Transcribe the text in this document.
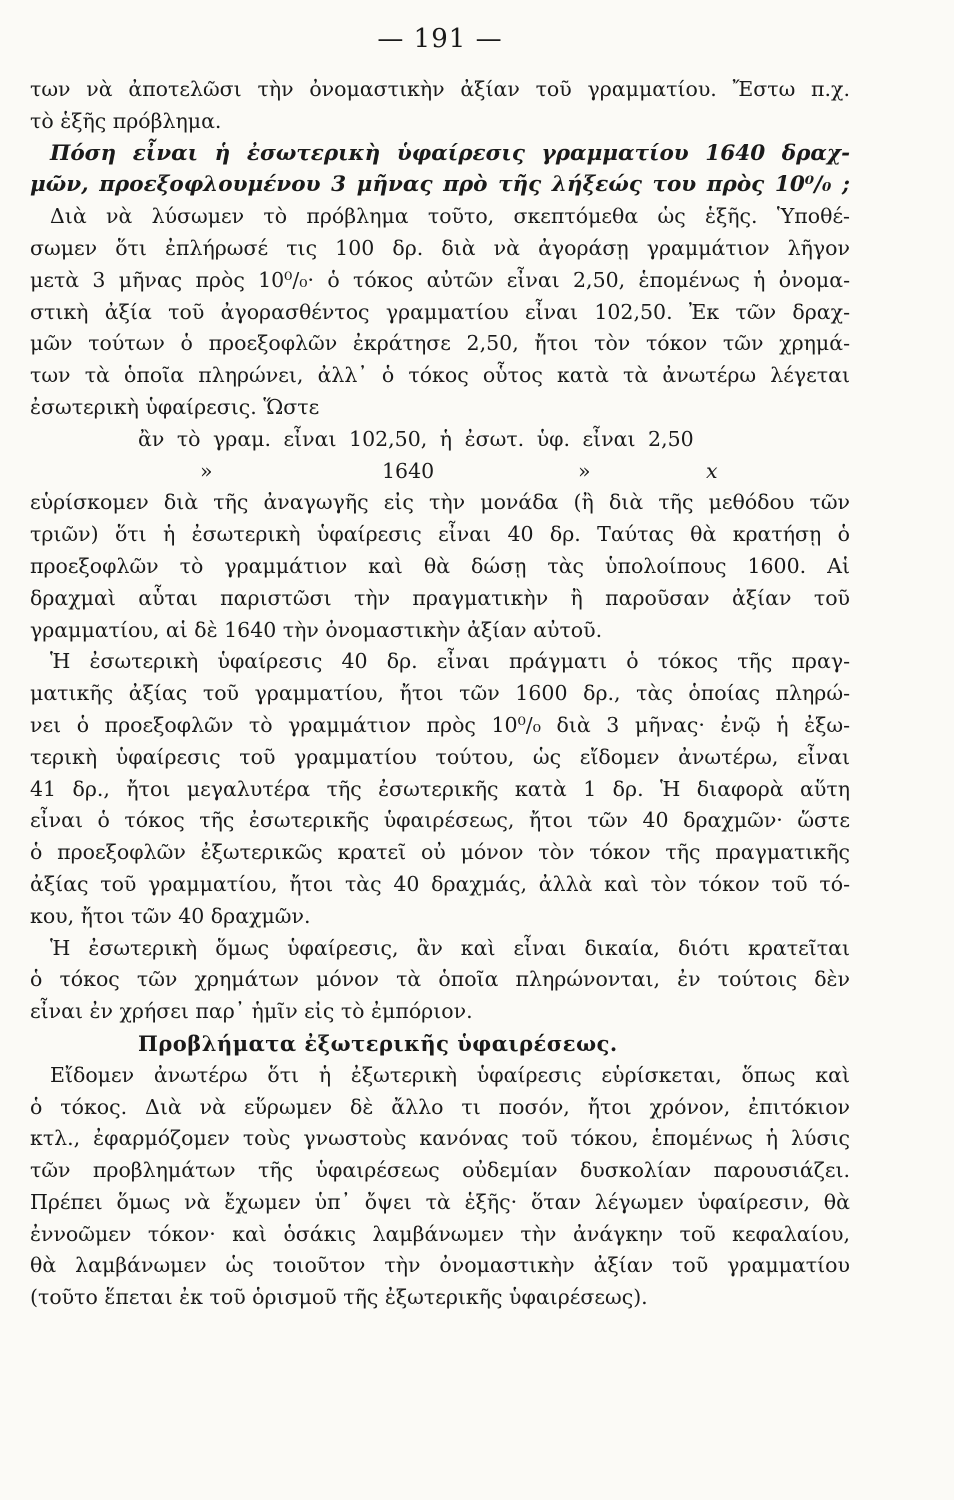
— 191 —
των νὰ ἀποτελῶσι τὴν ὀνομαστικὴν ἀξίαν τοῦ γραμματίου. Ἔστω π.χ.
τὸ ἑξῆς πρόβλημα.
Πόση εἶναι ἡ ἐσωτερικὴ ὑφαίρεσις γραμματίου 1640 δραχ-
μῶν, προεξοφλουμένου 3 μῆνας πρὸ τῆς λήξεώς του πρὸς 10⁰/₀ ;
Διὰ νὰ λύσωμεν τὸ πρόβλημα τοῦτο, σκεπτόμεθα ὡς ἑξῆς. Ὑποθέ-
σωμεν ὅτι ἐπλήρωσέ τις 100 δρ. διὰ νὰ ἀγοράσῃ γραμμάτιον λῆγον
μετὰ 3 μῆνας πρὸς 10⁰/₀· ὁ τόκος αὐτῶν εἶναι 2,50, ἑπομένως ἡ ὀνομα-
στικὴ ἀξία τοῦ ἀγορασθέντος γραμματίου εἶναι 102,50. Ἐκ τῶν δραχ-
μῶν τούτων ὁ προεξοφλῶν ἐκράτησε 2,50, ἤτοι τὸν τόκον τῶν χρημά-
των τὰ ὁποῖα πληρώνει, ἀλλ᾽ ὁ τόκος οὗτος κατὰ τὰ ἀνωτέρω λέγεται
ἐσωτερικὴ ὑφαίρεσις. Ὥστε
ἂν τὸ γραμ. εἶναι 102,50, ἡ ἐσωτ. ὑφ. εἶναι 2,50
»	1640	»	x
εὑρίσκομεν διὰ τῆς ἀναγωγῆς εἰς τὴν μονάδα (ἢ διὰ τῆς μεθόδου τῶν
τριῶν) ὅτι ἡ ἐσωτερικὴ ὑφαίρεσις εἶναι 40 δρ. Ταύτας θὰ κρατήσῃ ὁ
προεξοφλῶν τὸ γραμμάτιον καὶ θὰ δώσῃ τὰς ὑπολοίπους 1600. Αἱ
δραχμαὶ αὗται παριστῶσι τὴν πραγματικὴν ἢ παροῦσαν ἀξίαν τοῦ
γραμματίου, αἱ δὲ 1640 τὴν ὀνομαστικὴν ἀξίαν αὐτοῦ.
Ἡ ἐσωτερικὴ ὑφαίρεσις 40 δρ. εἶναι πράγματι ὁ τόκος τῆς πραγ-
ματικῆς ἀξίας τοῦ γραμματίου, ἤτοι τῶν 1600 δρ., τὰς ὁποίας πληρώ-
νει ὁ προεξοφλῶν τὸ γραμμάτιον πρὸς 10⁰/₀ διὰ 3 μῆνας· ἐνῷ ἡ ἐξω-
τερικὴ ὑφαίρεσις τοῦ γραμματίου τούτου, ὡς εἴδομεν ἀνωτέρω, εἶναι
41 δρ., ἤτοι μεγαλυτέρα τῆς ἐσωτερικῆς κατὰ 1 δρ. Ἡ διαφορὰ αὕτη
εἶναι ὁ τόκος τῆς ἐσωτερικῆς ὑφαιρέσεως, ἤτοι τῶν 40 δραχμῶν· ὥστε
ὁ προεξοφλῶν ἐξωτερικῶς κρατεῖ οὐ μόνον τὸν τόκον τῆς πραγματικῆς
ἀξίας τοῦ γραμματίου, ἤτοι τὰς 40 δραχμάς, ἀλλὰ καὶ τὸν τόκον τοῦ τό-
κου, ἤτοι τῶν 40 δραχμῶν.
Ἡ ἐσωτερικὴ ὅμως ὑφαίρεσις, ἂν καὶ εἶναι δικαία, διότι κρατεῖται
ὁ τόκος τῶν χρημάτων μόνον τὰ ὁποῖα πληρώνονται, ἐν τούτοις δὲν
εἶναι ἐν χρήσει παρ᾽ ἡμῖν εἰς τὸ ἐμπόριον.
Προβλήματα ἐξωτερικῆς ὑφαιρέσεως.
Εἴδομεν ἀνωτέρω ὅτι ἡ ἐξωτερικὴ ὑφαίρεσις εὑρίσκεται, ὅπως καὶ
ὁ τόκος. Διὰ νὰ εὕρωμεν δὲ ἄλλο τι ποσόν, ἤτοι χρόνον, ἐπιτόκιον
κτλ., ἐφαρμόζομεν τοὺς γνωστοὺς κανόνας τοῦ τόκου, ἑπομένως ἡ λύσις
τῶν προβλημάτων τῆς ὑφαιρέσεως οὐδεμίαν δυσκολίαν παρουσιάζει.
Πρέπει ὅμως νὰ ἔχωμεν ὑπ᾽ ὄψει τὰ ἑξῆς· ὅταν λέγωμεν ὑφαίρεσιν, θὰ
ἐννοῶμεν τόκον· καὶ ὁσάκις λαμβάνωμεν τὴν ἀνάγκην τοῦ κεφαλαίου,
θὰ λαμβάνωμεν ὡς τοιοῦτον τὴν ὀνομαστικὴν ἀξίαν τοῦ γραμματίου
(τοῦτο ἕπεται ἐκ τοῦ ὁρισμοῦ τῆς ἐξωτερικῆς ὑφαιρέσεως).
